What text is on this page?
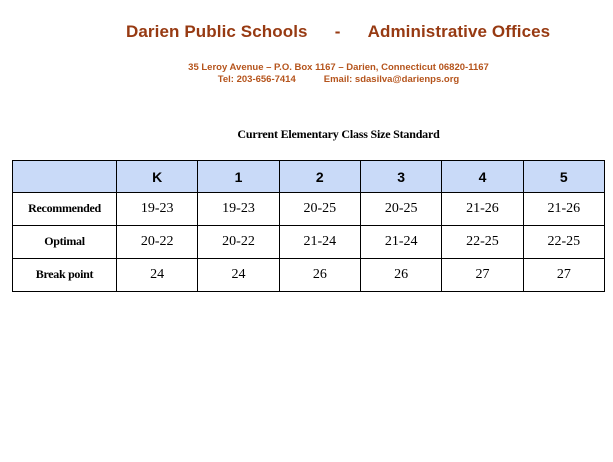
Darien Public Schools - Administrative Offices
35 Leroy Avenue – P.O. Box 1167 – Darien, Connecticut 06820-1167
Tel: 203-656-7414	Email: sdasilva@darienps.org
Current Elementary Class Size Standard
	K	1	2	3	4	5
Recommended	19-23	19-23	20-25	20-25	21-26	21-26
Optimal	20-22	20-22	21-24	21-24	22-25	22-25
Break point	24	24	26	26	27	27
